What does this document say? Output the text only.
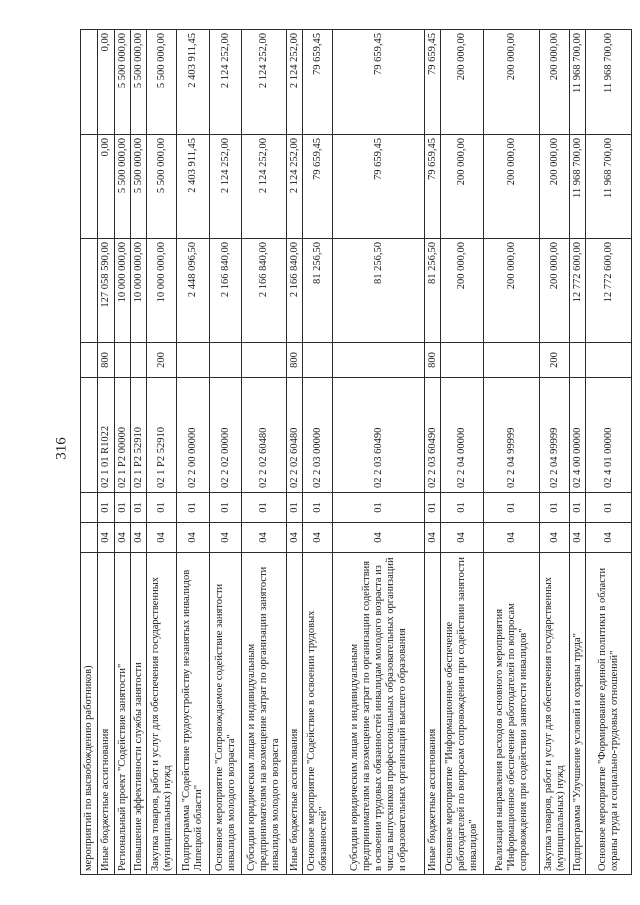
316
мероприятий по высвобождению работников)							
Иные бюджетные ассигнования	04	01	02 1 01 R1022	800	127 058 590,00	0,00	0,00
Региональный проект "Содействие занятости"	04	01	02 1 P2 00000		10 000 000,00	5 500 000,00	5 500 000,00
Повышение эффективности службы занятости	04	01	02 1 P2 52910		10 000 000,00	5 500 000,00	5 500 000,00
Закупка товаров, работ и услуг для обеспечения государственных (муниципальных) нужд	04	01	02 1 P2 52910	200	10 000 000,00	5 500 000,00	5 500 000,00
Подпрограмма "Содействие трудоустройству незанятых инвалидов Липецкой области"	04	01	02 2 00 00000		2 448 096,50	2 403 911,45	2 403 911,45
Основное мероприятие "Сопровождаемое содействие занятости инвалидов молодого возраста"	04	01	02 2 02 00000		2 166 840,00	2 124 252,00	2 124 252,00
Субсидии юридическим лицам и индивидуальным предпринимателям на возмещение затрат по организации занятости инвалидов молодого возраста	04	01	02 2 02 60480		2 166 840,00	2 124 252,00	2 124 252,00
Иные бюджетные ассигнования	04	01	02 2 02 60480	800	2 166 840,00	2 124 252,00	2 124 252,00
Основное мероприятие "Содействие в освоении трудовых обязанностей"	04	01	02 2 03 00000		81 256,50	79 659,45	79 659,45
Субсидии юридическим лицам и индивидуальным предпринимателям на возмещение затрат по организации содействия в освоении трудовых обязанностей инвалидам молодого возраста из числа выпускников профессиональных образовательных организаций и образовательных организаций высшего образования	04	01	02 2 03 60490		81 256,50	79 659,45	79 659,45
Иные бюджетные ассигнования	04	01	02 2 03 60490	800	81 256,50	79 659,45	79 659,45
Основное мероприятие "Информационное обеспечение работодателей по вопросам сопровождения при содействии занятости инвалидов"	04	01	02 2 04 00000		200 000,00	200 000,00	200 000,00
Реализация направления расходов основного мероприятия "Информационное обеспечение работодателей по вопросам сопровождения при содействии занятости инвалидов"	04	01	02 2 04 99999		200 000,00	200 000,00	200 000,00
Закупка товаров, работ и услуг для обеспечения государственных (муниципальных) нужд	04	01	02 2 04 99999	200	200 000,00	200 000,00	200 000,00
Подпрограмма "Улучшение условий и охраны труда"	04	01	02 4 00 00000		12 772 600,00	11 968 700,00	11 968 700,00
Основное мероприятие "Формирование единой политики в области охраны труда и социально-трудовых отношений"	04	01	02 4 01 00000		12 772 600,00	11 968 700,00	11 968 700,00
